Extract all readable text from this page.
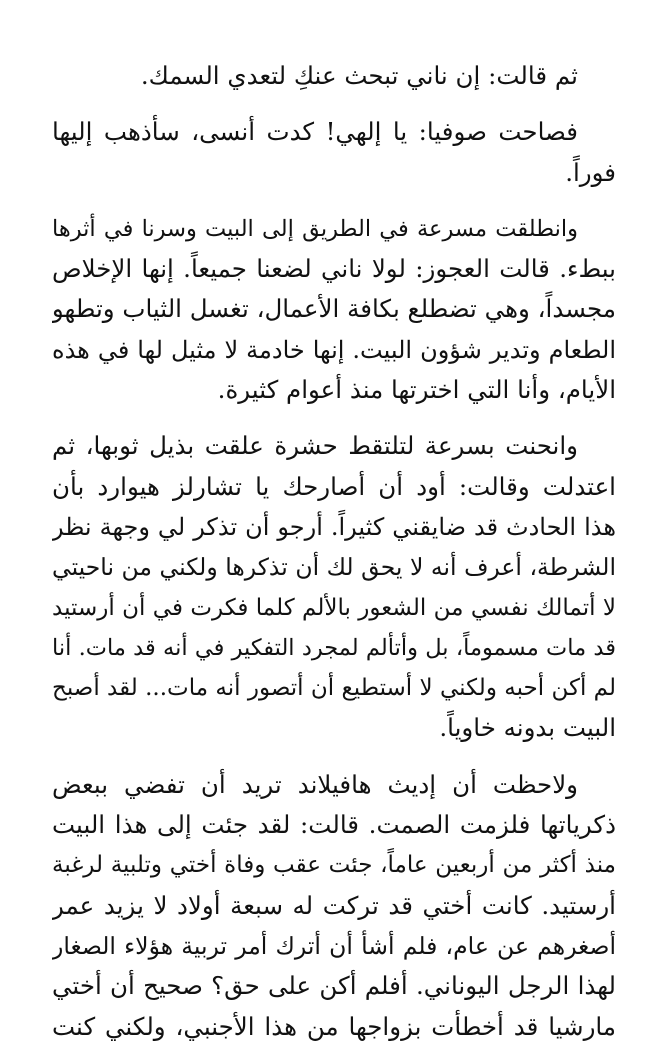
ثم قالت: إن ناني تبحث عنكِ لتعدي السمك.
فصاحت صوفيا: يا إلهي! كدت أنسى، سأذهب إليها
فوراً.
وانطلقت مسرعة في الطريق إلى البيت وسرنا في أثرها
ببطء. قالت العجوز: لولا ناني لضعنا جميعاً. إنها الإخلاص
مجسداً، وهي تضطلع بكافة الأعمال، تغسل الثياب وتطهو
الطعام وتدير شؤون البيت. إنها خادمة لا مثيل لها في هذه
الأيام، وأنا التي اخترتها منذ أعوام كثيرة.
وانحنت بسرعة لتلتقط حشرة علقت بذيل ثوبها، ثم
اعتدلت وقالت: أود أن أصارحك يا تشارلز هيوارد بأن
هذا الحادث قد ضايقني كثيراً. أرجو أن تذكر لي وجهة نظر
الشرطة، أعرف أنه لا يحق لك أن تذكرها ولكني من ناحيتي
لا أتمالك نفسي من الشعور بالألم كلما فكرت في أن أرستيد
قد مات مسموماً، بل وأتألم لمجرد التفكير في أنه قد مات. أنا
لم أكن أحبه ولكني لا أستطيع أن أتصور أنه مات... لقد أصبح
البيت بدونه خاوياً.
ولاحظت أن إديث هافيلاند تريد أن تفضي ببعض
ذكرياتها فلزمت الصمت. قالت: لقد جئت إلى هذا البيت
منذ أكثر من أربعين عاماً، جئت عقب وفاة أختي وتلبية لرغبة
أرستيد. كانت أختي قد تركت له سبعة أولاد لا يزيد عمر
أصغرهم عن عام، فلم أشأ أن أترك أمر تربية هؤلاء الصغار
لهذا الرجل اليوناني. أفلم أكن على حق؟ صحيح أن أختي
مارشيا قد أخطأت بزواجها من هذا الأجنبي، ولكني كنت
